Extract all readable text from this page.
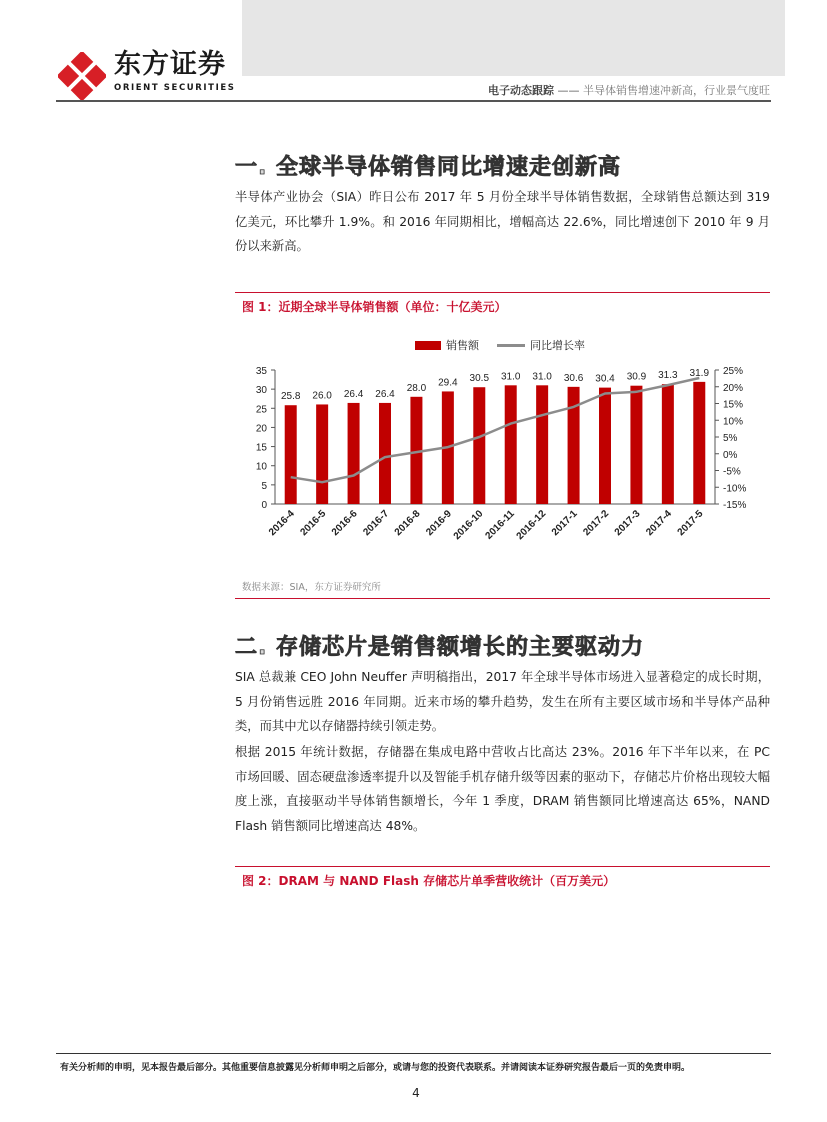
东方证券
ORIENT SECURITIES	电子动态跟踪 —— 半导体销售增速冲新高，行业景气度旺
一. 全球半导体销售同比增速走创新高
半导体产业协会（SIA）昨日公布 2017 年 5 月份全球半导体销售数据，全球销售总额达到 319 亿美元，环比攀升 1.9%。和 2016 年同期相比，增幅高达 22.6%，同比增速创下 2010 年 9 月份以来新高。
图 1：近期全球半导体销售额（单位：十亿美元）
销售额	同比增长率
0
5
10
15
20
25
30
35
-15%
-10%
-5%
0%
5%
10%
15%
20%
25%
25.8 26.0 26.4 26.4
28.0 29.4 30.5 31.0 31.0 30.6 30.4 30.9 31.3 31.9
2016-4 2016-5 2016-6 2016-7 2016-8 2016-9
2016-10
2016-11
2016-12 2017-1 2017-2 2017-3 2017-4 2017-5
数据来源：SIA，东方证券研究所
二. 存储芯片是销售额增长的主要驱动力
SIA 总裁兼 CEO John Neuffer 声明稿指出，2017 年全球半导体市场进入显著稳定的成长时期，5 月份销售远胜 2016 年同期。近来市场的攀升趋势，发生在所有主要区域市场和半导体产品种类，而其中尤以存储器持续引领走势。
根据 2015 年统计数据，存储器在集成电路中营收占比高达 23%。2016 年下半年以来，在 PC 市场回暖、固态硬盘渗透率提升以及智能手机存储升级等因素的驱动下，存储芯片价格出现较大幅度上涨，直接驱动半导体销售额增长，今年 1 季度，DRAM 销售额同比增速高达 65%，NAND Flash 销售额同比增速高达 48%。
图 2：DRAM 与 NAND Flash 存储芯片单季营收统计（百万美元）
有关分析师的申明，见本报告最后部分。其他重要信息披露见分析师申明之后部分，或请与您的投资代表联系。并请阅读本证券研究报告最后一页的免责申明。
4
